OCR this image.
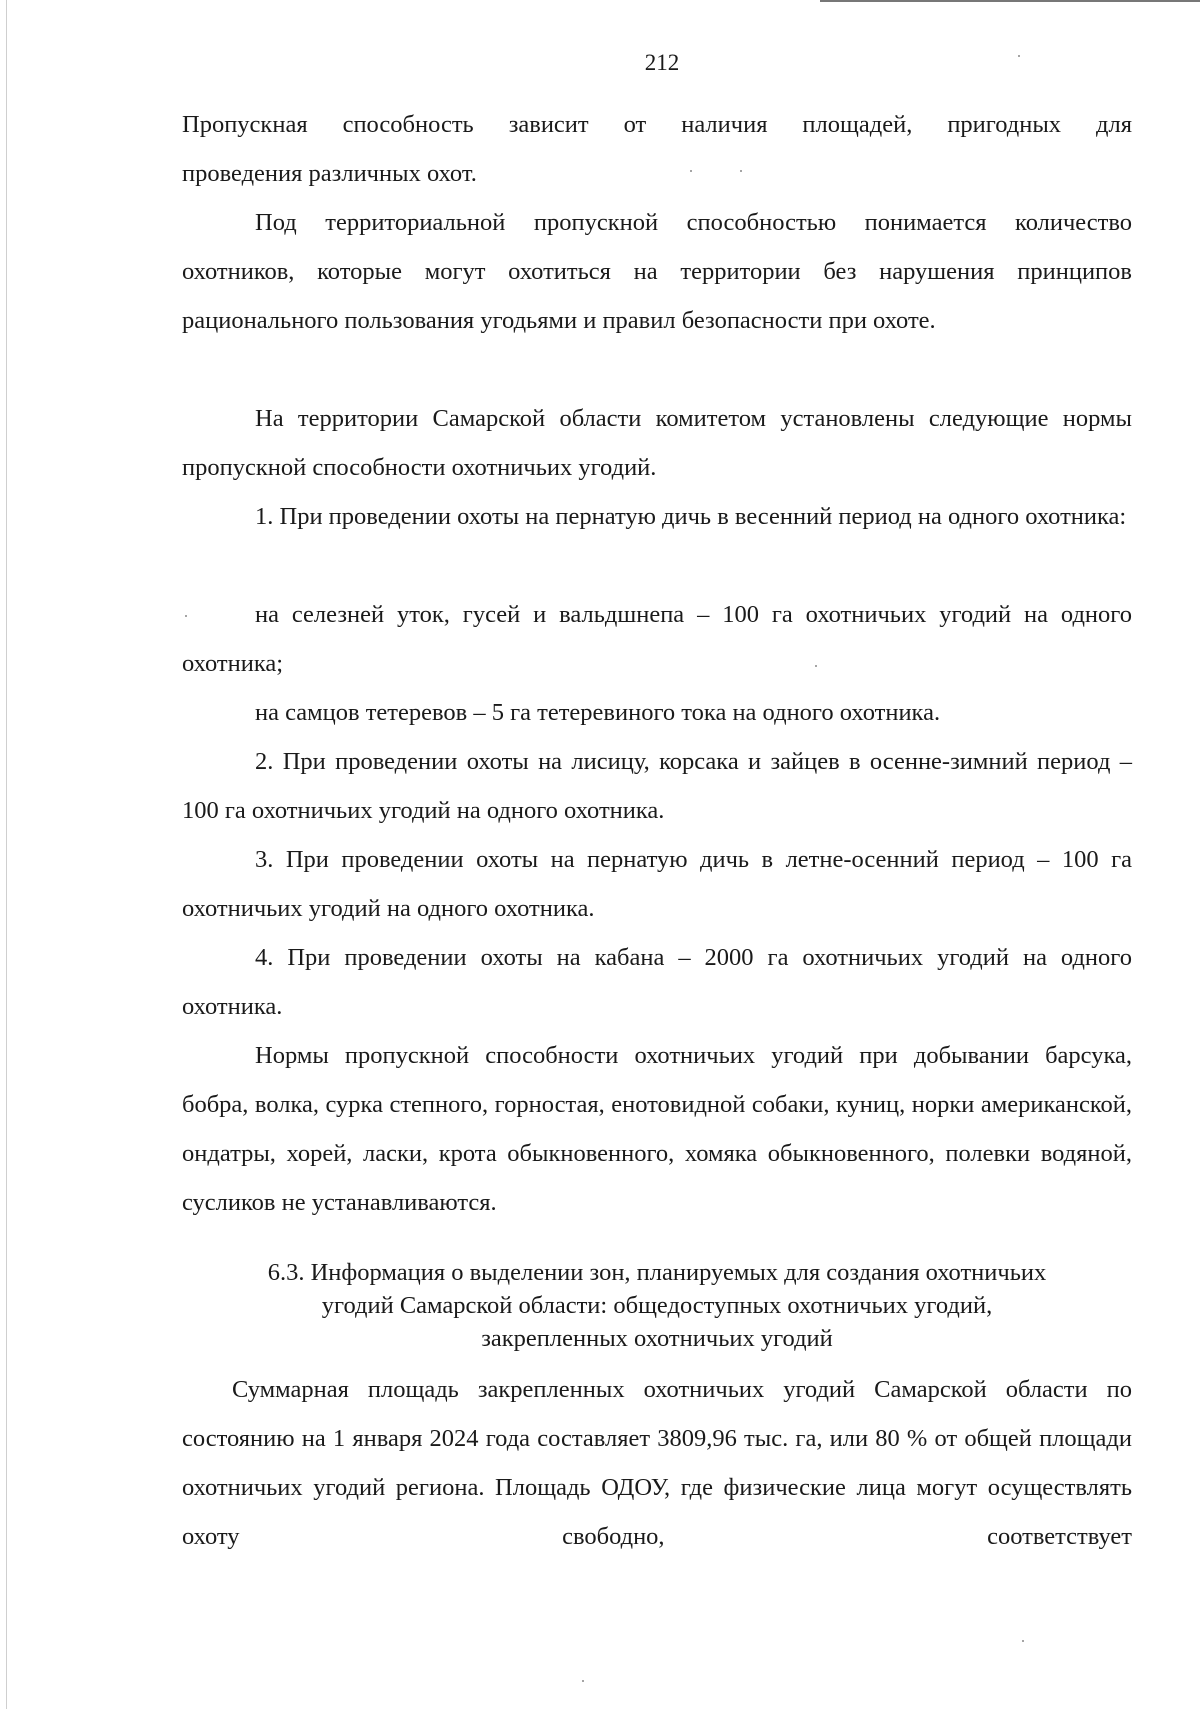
212

Пропускная способность зависит от наличия площадей, пригодных для

проведения различных охот.

Под территориальной пропускной способностью понимается количество охотников, которые могут охотиться на территории без нарушения принципов рационального пользования угодьями и правил безопасности при охоте.

На территории Самарской области комитетом установлены следующие нормы пропускной способности охотничьих угодий.

1. При проведении охоты на пернатую дичь в весенний период на одного охотника:

на селезней уток, гусей и вальдшнепа – 100 га охотничьих угодий на одного охотника;

на самцов тетеревов – 5 га тетеревиного тока на одного охотника.

2. При проведении охоты на лисицу, корсака и зайцев в осенне-зимний период – 100 га охотничьих угодий на одного охотника.

3. При проведении охоты на пернатую дичь в летне-осенний период – 100 га охотничьих угодий на одного охотника.

4. При проведении охоты на кабана – 2000 га охотничьих угодий на одного охотника.

Нормы пропускной способности охотничьих угодий при добывании барсука, бобра, волка, сурка степного, горностая, енотовидной собаки, куниц, норки американской, ондатры, хорей, ласки, крота обыкновенного, хомяка обыкновенного, полевки водяной, сусликов не устанавливаются.

6.3. Информация о выделении зон, планируемых для создания охотничьих

угодий Самарской области: общедоступных охотничьих угодий,

закрепленных охотничьих угодий

Суммарная площадь закрепленных охотничьих угодий Самарской области по состоянию на 1 января 2024 года составляет 3809,96 тыс. га, или 80 % от общей площади охотничьих угодий региона. Площадь ОДОУ, где физические лица могут осуществлять охоту свободно, соответствует
